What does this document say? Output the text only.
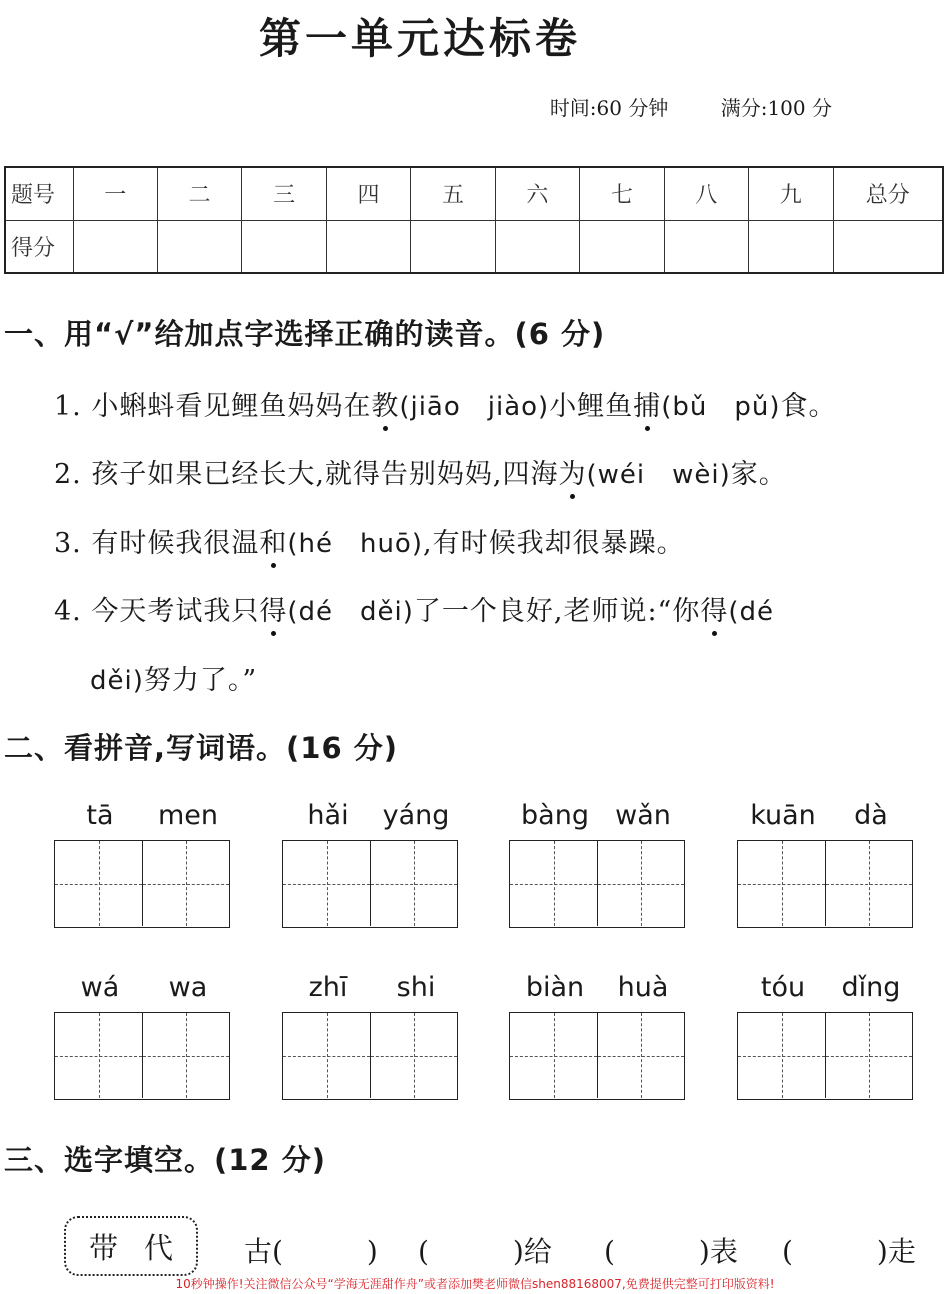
第一单元达标卷
时间:60 分钟	满分:100 分
题号	一	二	三	四	五	六	七	八	九	总分
得分										
一、用“√”给加点字选择正确的读音。(6 分)
1. 小蝌蚪看见鲤鱼妈妈在教(jiāo　jiào)小鲤鱼捕(bǔ　pǔ)食。
2. 孩子如果已经长大,就得告别妈妈,四海为(wéi　wèi)家。
3. 有时候我很温和(hé　huō),有时候我却很暴躁。
4. 今天考试我只得(dé　děi)了一个良好,老师说:“你得(dé
děi)努力了。”
二、看拼音,写词语。(16 分)
tā	men	hǎi	yáng	bàng wǎn	kuān	dà
wá	wa	zhī	shi	biàn	huà	tóu	dǐng
三、选字填空。(12 分)
带 代	古(　　　) (　　　)给 (　　　)表 (　　　)走
10秒钟操作!关注微信公众号“学海无涯甜作舟”或者添加樊老师微信shen88168007,免费提供完整可打印版资料!
